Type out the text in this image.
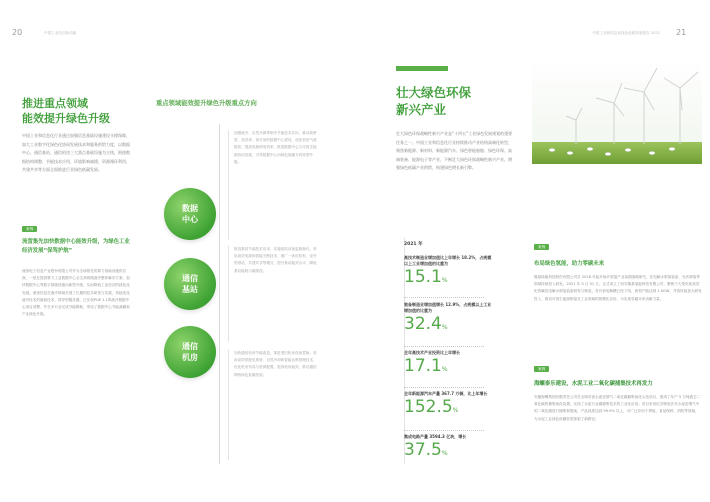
20	中国工业经济新动能	中国工业和信息化绿色低碳发展报告 2021 21
推进重点领域
能效提升绿色升级
中国工业和信息化行业通过加强信息基础设施建设支撑保障，加大工业数字化绿色化协同发展技术和服务供给力度，以数据中心、通信基站、通信机房三大重点基础设施为主线，围绕数据结构调整、节能技术应用、环境影响减缓、资源循环利用、共建共享等方面全面推进行业绿色低碳发展。
案例
流萤集先加快数据中心能效升级，为绿色工业经济发展“保驾护航”
流萤电子信息产业股份有限公司作为全球领先的算力基础设施供应商，一是在提供算力工业数据中心全生命周期液冷整体解决方案，加快数据中心等数字基础设施向新型升级，从而降低工业经济的绿色化发展。流萤信息在液冷领域开展了长期的技术研发与实践，持续优化液冷技术的最新技术，领导型服务器，已实现PUE 1.1的液冷数据中心项目部署，并在多行业完成节能降耗，带动了数据中心节能减碳和产业绿色升级。
重点领域能效提升绿色升级重点方向
数据
中心
通信
基站
通信
机房
加强液冷、自然冷源等制冷节能技术应用，推动高密度、高效率、高可用的数据中心建设，优化机房气流组织，提高电源使用效率，推进数据中心与可再生能源协同发展，引导数据中心向绿色低碳方向转型升级。
推进基站节能技术应用，实施基站设备更新换代，采用高效电源和智能关断技术，推广一体化机柜、室外型基站、共建共享等模式，提升基站能效水平，降低基站能耗与碳排放。
加快通信机房节能改造，推进老旧机房设备替换，采用高效供配电系统、自然冷却和智能运维管理技术，优化机房布局与资源配置，提高机房能效，推动通信网络绿色低碳发展。
壮大绿色环保
新兴产业
壮大绿色环保战略性新兴产业是“十四五”工业绿色发展规划的重要任务之一。中国工业和信息化行业持续推动产业结构高端化转型，聚焦新能源、新材料、新能源汽车、绿色智能船舶、绿色环保、高端装备、能源电子等产业，不断壮大绿色环保战略性新兴产业，增强绿色低碳产业供给，构建绿色增长新引擎。
2021 年
高技术制造业增加值比上年增长 18.2%，占规模以上工业增加值的比重为
15.1%
装备制造业增加值增长 12.9%，占规模以上工业增加值的比重为
32.4%
全年高技术产业投资比上年增长
17.1%
全年新能源汽车产量 367.7 万辆，比上年增长
152.5%
集成电路产量 3594.3 亿块，增长
37.5%
案例
布局绿色氢能，助力零碳未来
隆基绿能科技股份有限公司自 2018 年起开始开展氢产业前期战略研究，在电解水制氢装备、光伏制氢等领域持续投入研发。2021 年 3 月 31 日，正式成立了西安隆基氢能科技有限公司，聚焦于大型化和高效化的碱性电解水制氢装备研发与制造，首台套电解槽已经下线，规划产能达到 1.5GW，并将持续加大研发投入，推动可再生能源制氢在工业领域的规模化应用，为实现零碳未来贡献力量。
案例
海螺泰乐建设，水泥工业二氧化碳捕集技术再发力
安徽海螺集团有限责任公司在全球首创水泥窑烟气二氧化碳捕集纯化示范项目，建成了年产 5 万吨液态二氧化碳的捕集纯化装置，实现了水泥行业碳捕集技术的工业化应用。项目采用化学吸收法对水泥窑烟气中的二氧化碳进行捕集和提纯，产品纯度达到 99.9% 以上，可广泛应用于焊接、食品保鲜、消防等领域，为水泥工业绿色低碳转型探索了新路径。
